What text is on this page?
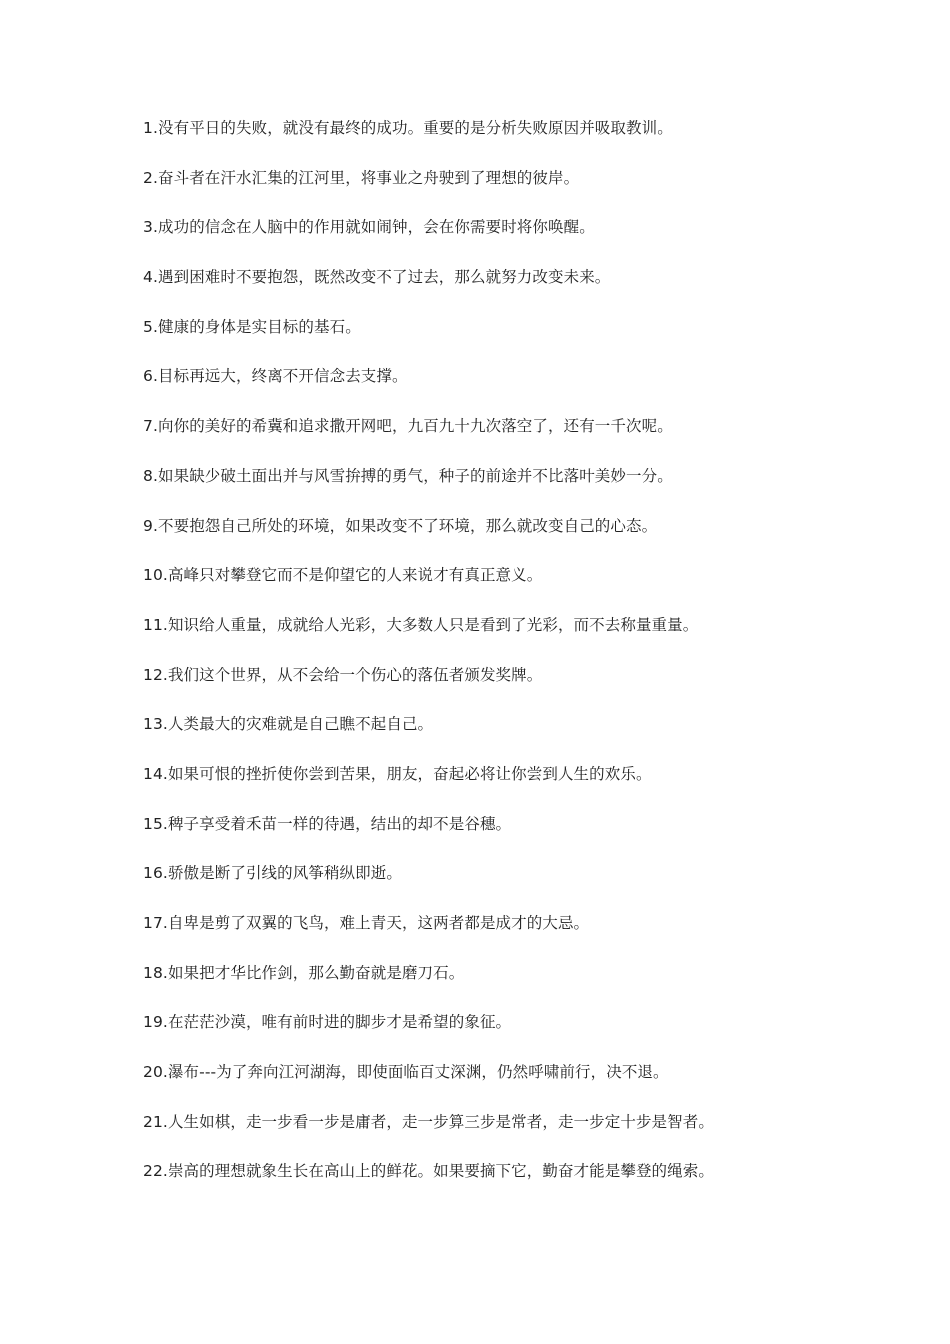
1.没有平日的失败，就没有最终的成功。重要的是分析失败原因并吸取教训。
2.奋斗者在汗水汇集的江河里，将事业之舟驶到了理想的彼岸。
3.成功的信念在人脑中的作用就如闹钟，会在你需要时将你唤醒。
4.遇到困难时不要抱怨，既然改变不了过去，那么就努力改变未来。
5.健康的身体是实目标的基石。
6.目标再远大，终离不开信念去支撑。
7.向你的美好的希冀和追求撒开网吧，九百九十九次落空了，还有一千次呢。
8.如果缺少破土面出并与风雪拚搏的勇气，种子的前途并不比落叶美妙一分。
9.不要抱怨自己所处的环境，如果改变不了环境，那么就改变自己的心态。
10.高峰只对攀登它而不是仰望它的人来说才有真正意义。
11.知识给人重量，成就给人光彩，大多数人只是看到了光彩，而不去称量重量。
12.我们这个世界，从不会给一个伤心的落伍者颁发奖牌。
13.人类最大的灾难就是自己瞧不起自己。
14.如果可恨的挫折使你尝到苦果，朋友，奋起必将让你尝到人生的欢乐。
15.稗子享受着禾苗一样的待遇，结出的却不是谷穗。
16.骄傲是断了引线的风筝稍纵即逝。
17.自卑是剪了双翼的飞鸟，难上青天，这两者都是成才的大忌。
18.如果把才华比作剑，那么勤奋就是磨刀石。
19.在茫茫沙漠，唯有前时进的脚步才是希望的象征。
20.瀑布---为了奔向江河湖海，即使面临百丈深渊，仍然呼啸前行，决不退。
21.人生如棋，走一步看一步是庸者，走一步算三步是常者，走一步定十步是智者。
22.崇高的理想就象生长在高山上的鲜花。如果要摘下它，勤奋才能是攀登的绳索。
